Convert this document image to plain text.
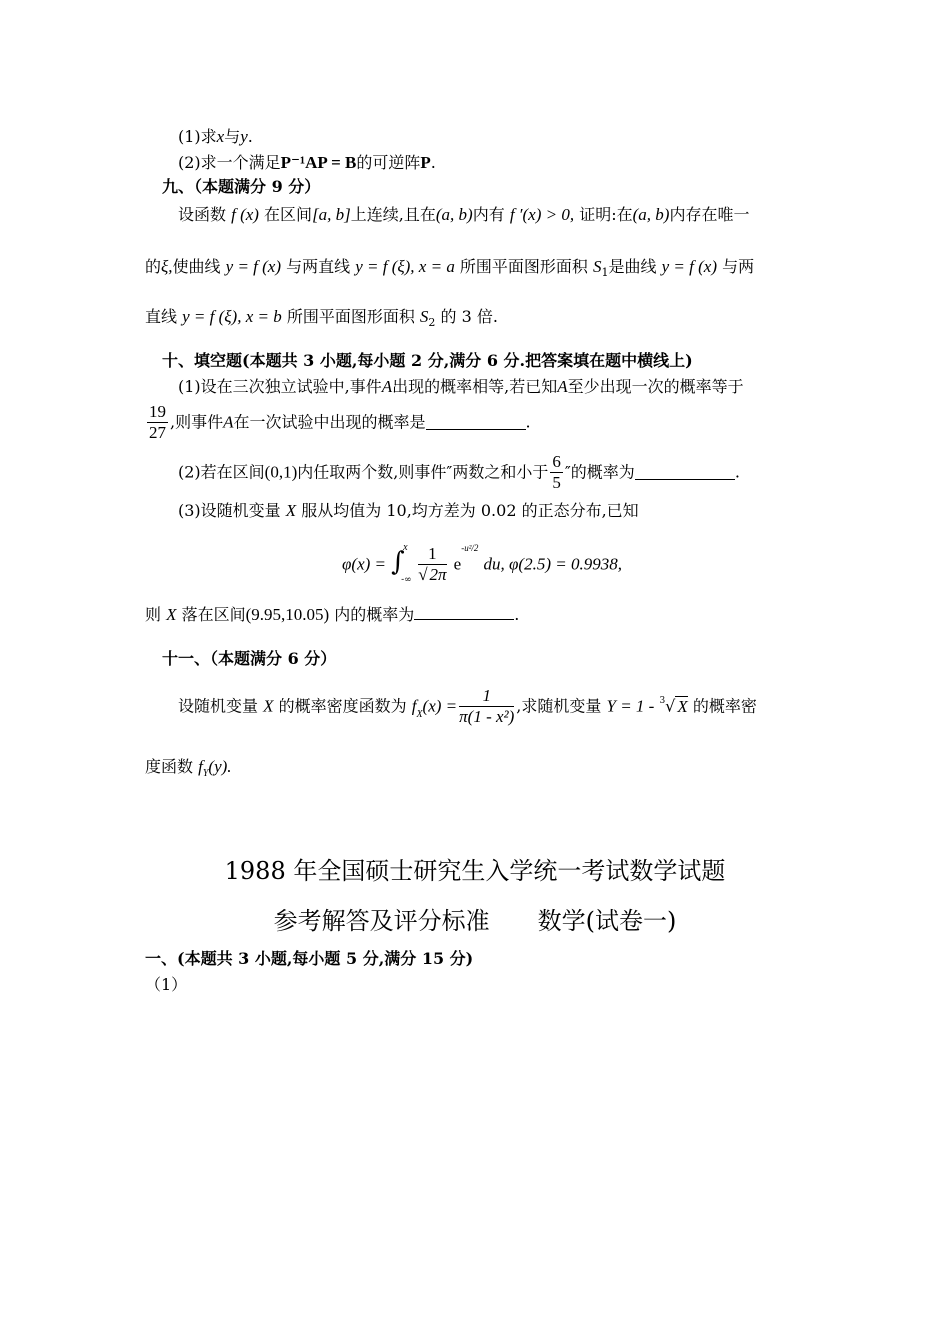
(1)求x与y.
(2)求一个满足P⁻¹AP = B的可逆阵P.
九、（本题满分 9 分）
设函数 f (x) 在区间[a, b]上连续,且在(a, b)内有 f ′(x) > 0, 证明:在(a, b)内存在唯一
的ξ,使曲线 y = f (x) 与两直线 y = f (ξ), x = a 所围平面图形面积 $S_1$是曲线 y = f (x) 与两
直线 y = f (ξ), x = b 所围平面图形面积 $S_2$ 的 3 倍.
十、填空题(本题共 3 小题,每小题 2 分,满分 6 分.把答案填在题中横线上)
(1)设在三次独立试验中,事件A出现的概率相等,若已知A至少出现一次的概率等于
$\frac{19}{27}$ ,则事件A在一次试验中出现的概率是	.
(2)若在区间(0,1)内任取两个数,则事件″两数之和小于 $\frac{6}{5}$ ″的概率为	.
(3)设随机变量 X 服从均值为 10,均方差为 0.02 的正态分布,已知
φ(x) = ∫
x
-∞
$\frac{1}{√ 2\pi} e^{-u^2/2}$ du, φ(2.5) = 0.9938,
则 X 落在区间(9.95,10.05) 内的概率为	.
十一、（本题满分 6 分）
设随机变量 X 的概率密度函数为 $f_X(x) = \frac{1}{\text{π(1 - x²)}}$ ,求随机变量 Y = 1 - $^3$√ X 的概率密
度函数 $f_Y(y)$.
1988 年全国硕士研究生入学统一考试数学试题
参考解答及评分标准　　数学(试卷一)
一、(本题共 3 小题,每小题 5 分,满分 15 分)
（1）
